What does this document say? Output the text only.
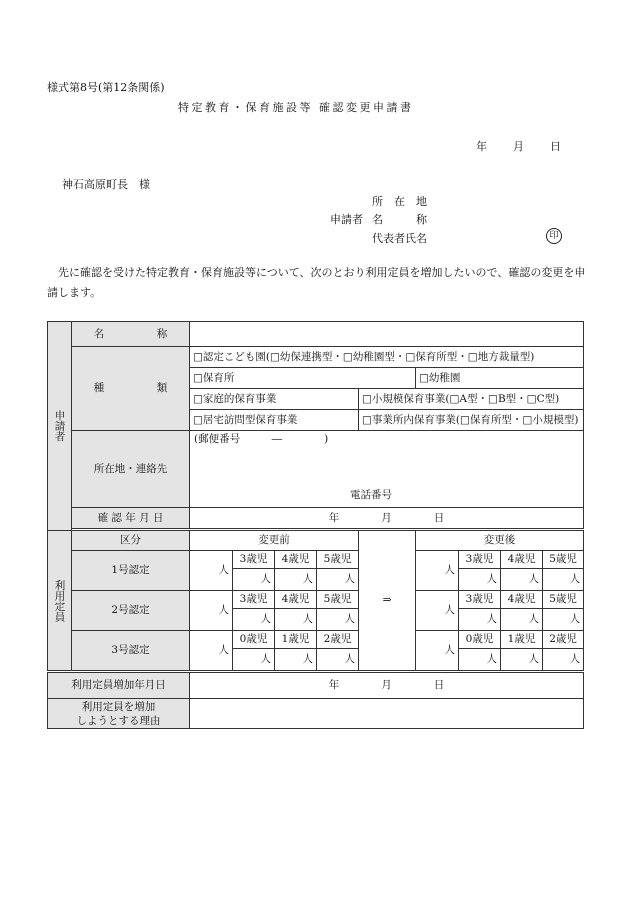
様式第8号(第12条関係)
特定教育・保育施設等 確認変更申請書
年 月 日
神石高原町長　様
所　在　地
申請者 名　　　称
代表者氏名	印
　先に確認を受けた特定教育・保育施設等について、次のとおり利用定員を増加したいので、確認の変更を申請します。
申請者	名　　　　　称									
	種　　　　　類	□認定こども園(□幼保連携型・□幼稚園型・□保育所型・□地方裁量型)								
		□保育所					□幼稚園			
		□家庭的保育事業				□小規模保育事業(□A型・□B型・□C型)				
		□居宅訪問型保育事業				□事業所内保育事業(□保育所型・□小規模型)				
	所在地・連絡先	(郵便番号　　　―　　　　)
電話番号								

	確 認 年 月 日	年　　　　月　　　　日								

利用定員	区分	変更前				⇒	変更後			
	1号認定	人	3歳児	4歳児	5歳児		人	3歳児	4歳児	5歳児
			人	人	人			人	人	人
	2号認定	人	3歳児	4歳児	5歳児		人	3歳児	4歳児	5歳児
			人	人	人			人	人	人
	3号認定	人	0歳児	1歳児	2歳児		人	0歳児	1歳児	2歳児
			人	人	人			人	人	人

利用定員増加年月日		年　　　　月　　　　日								

利用定員を増加
しようとする理由										
